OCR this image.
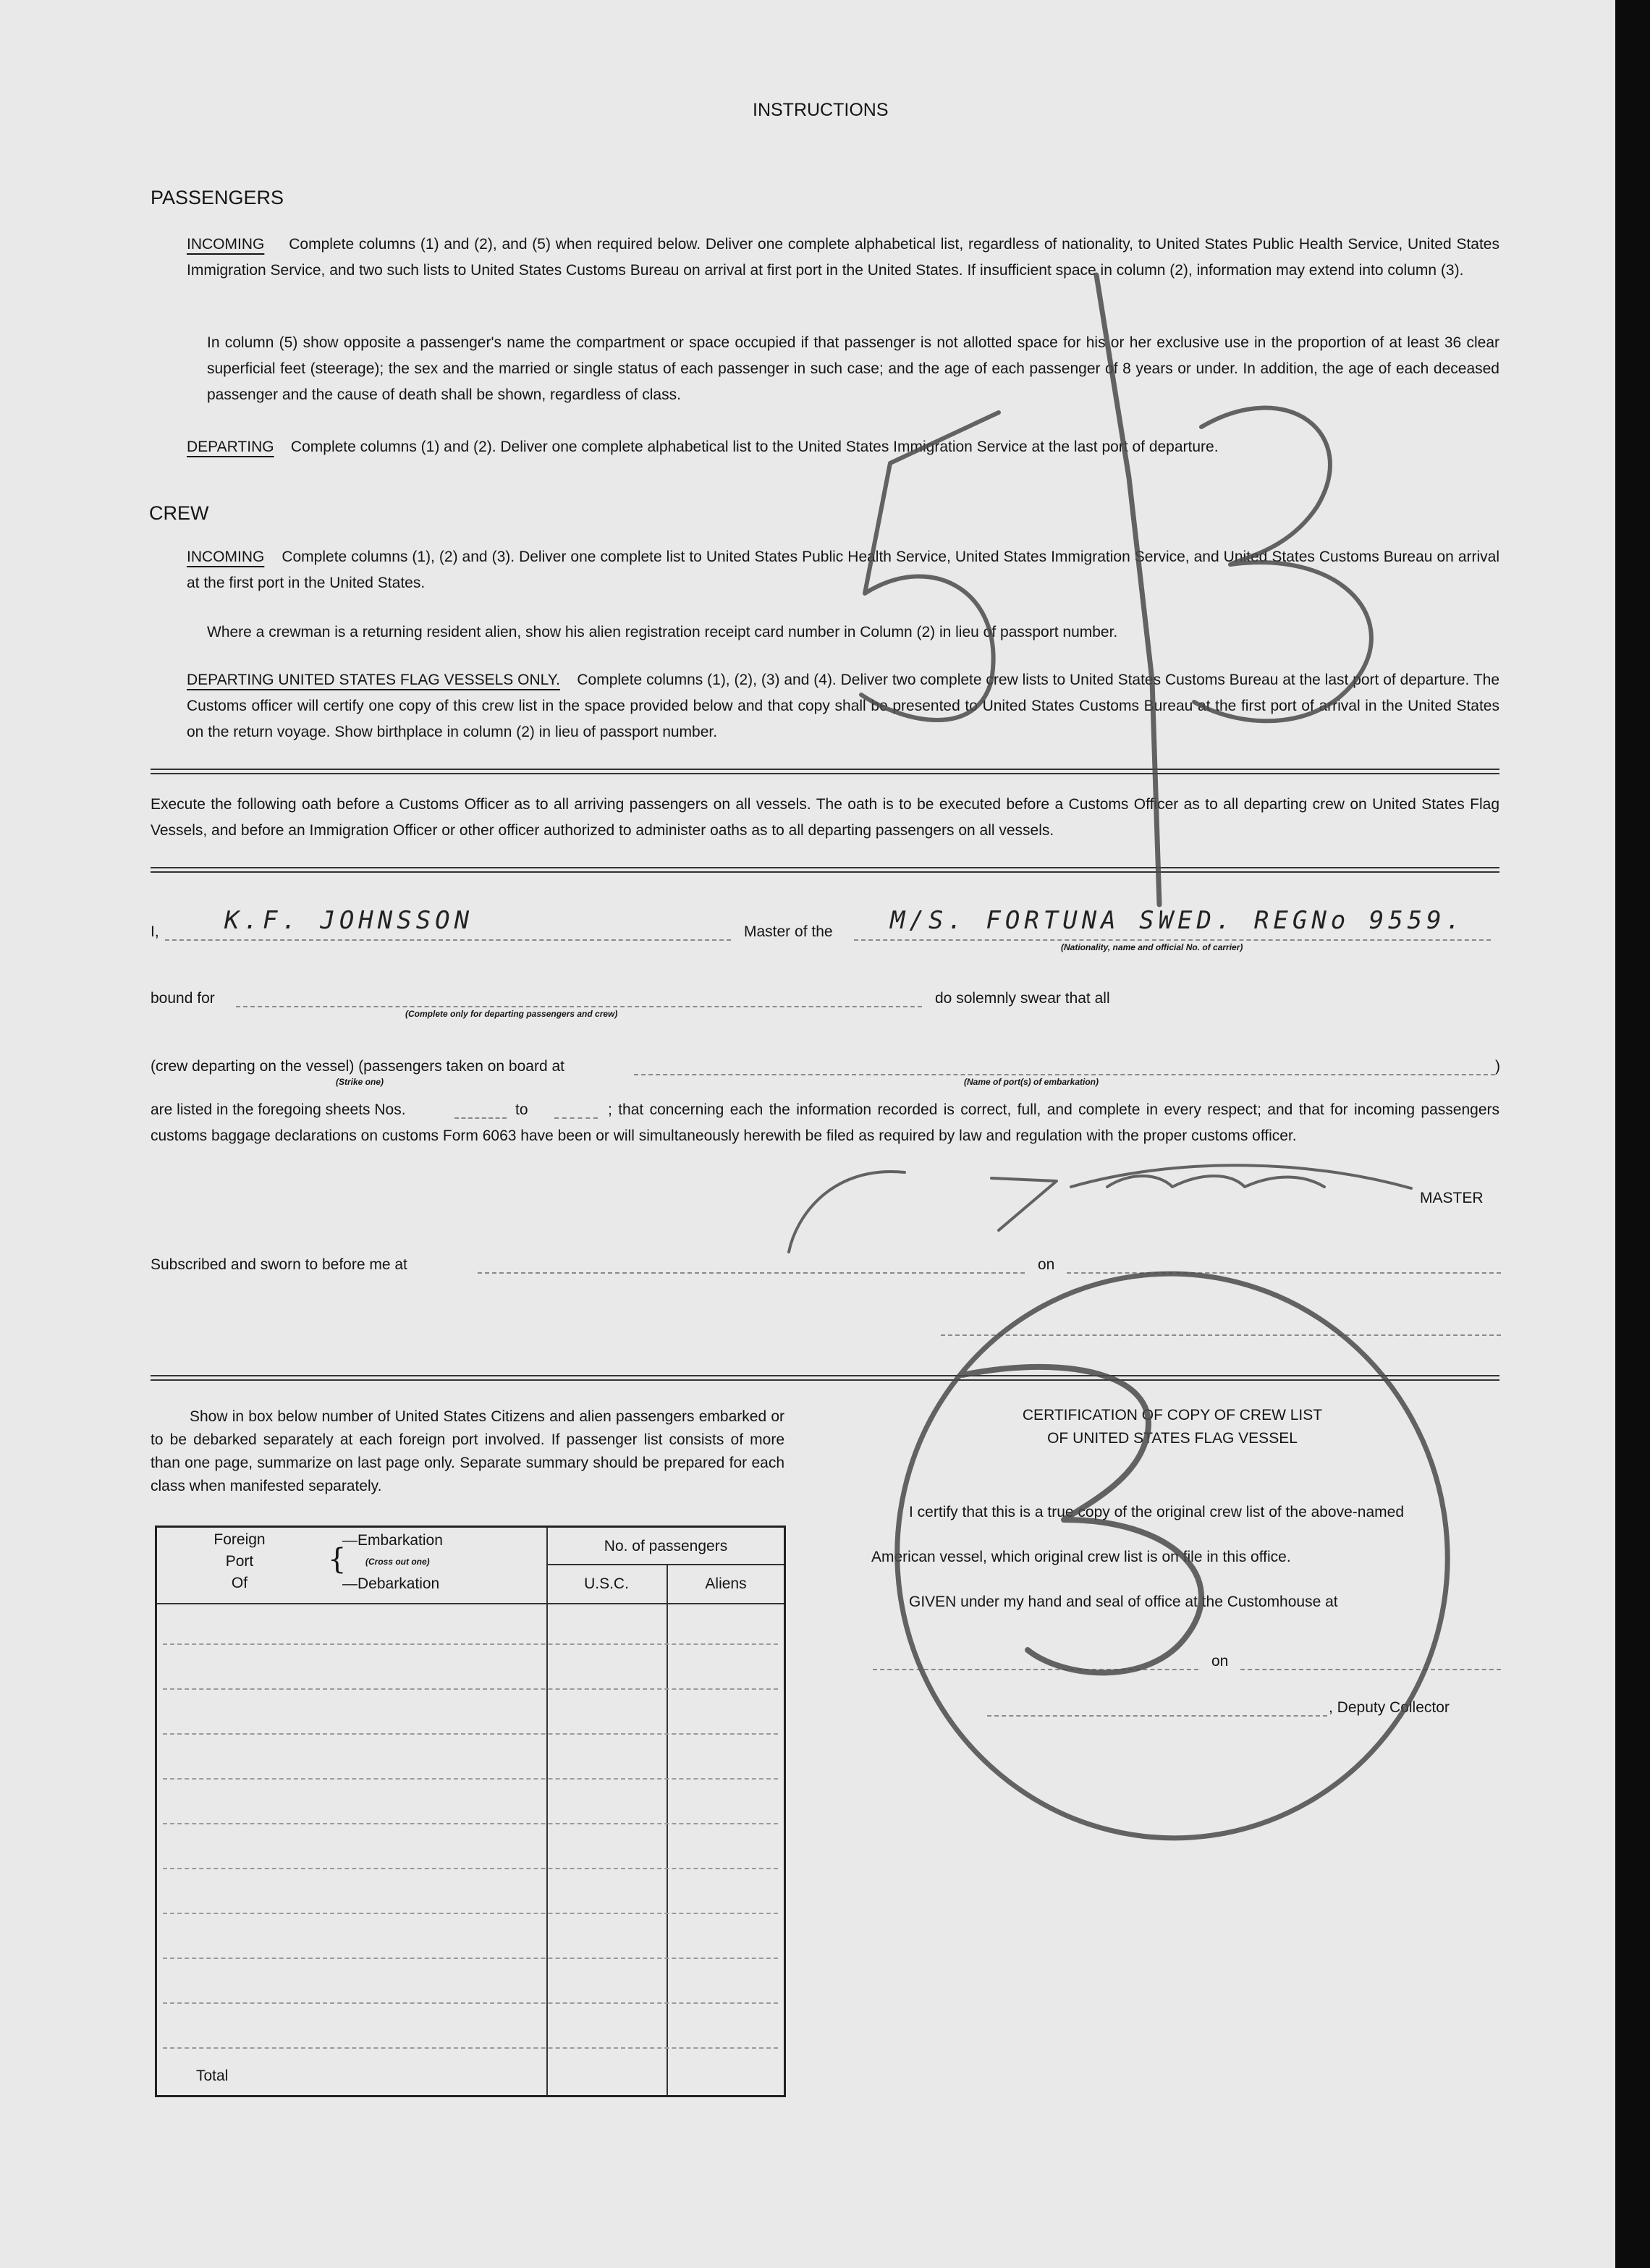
INSTRUCTIONS
PASSENGERS
INCOMING Complete columns (1) and (2), and (5) when required below. Deliver one complete alphabetical list, regardless of nationality, to United States Public Health Service, United States Immigration Service, and two such lists to United States Customs Bureau on arrival at first port in the United States. If insufficient space in column (2), information may extend into column (3).
In column (5) show opposite a passenger's name the compartment or space occupied if that passenger is not allotted space for his or her exclusive use in the proportion of at least 36 clear superficial feet (steerage); the sex and the married or single status of each passenger in such case; and the age of each passenger of 8 years or under. In addition, the age of each deceased passenger and the cause of death shall be shown, regardless of class.
DEPARTING Complete columns (1) and (2). Deliver one complete alphabetical list to the United States Immigration Service at the last port of departure.
CREW
INCOMING Complete columns (1), (2) and (3). Deliver one complete list to United States Public Health Service, United States Immigration Service, and United States Customs Bureau on arrival at the first port in the United States.
Where a crewman is a returning resident alien, show his alien registration receipt card number in Column (2) in lieu of passport number.
DEPARTING UNITED STATES FLAG VESSELS ONLY. Complete columns (1), (2), (3) and (4). Deliver two complete crew lists to United States Customs Bureau at the last port of departure. The Customs officer will certify one copy of this crew list in the space provided below and that copy shall be presented to United States Customs Bureau at the first port of arrival in the United States on the return voyage. Show birthplace in column (2) in lieu of passport number.
Execute the following oath before a Customs Officer as to all arriving passengers on all vessels. The oath is to be executed before a Customs Officer as to all departing crew on United States Flag Vessels, and before an Immigration Officer or other officer authorized to administer oaths as to all departing passengers on all vessels.
I,	K.F. JOHNSSON	Master of the M/S. FORTUNA SWED. REGNo 9559.
(Nationality, name and official No. of carrier)
bound for
(Complete only for departing passengers and crew)
do solemnly swear that all
(crew departing on the vessel) (passengers taken on board at	)
(Strike one)	(Name of port(s) of embarkation)
are listed in the foregoing sheets Nos.	to	; that concerning each the information recorded is correct, full, and complete in every respect; and that for incoming passengers customs baggage declarations on customs Form 6063 have been or will simultaneously herewith be filed as required by law and regulation with the proper customs officer.
MASTER
Subscribed and sworn to before me at	on
Show in box below number of United States Citizens and alien passengers embarked or to be debarked separately at each foreign port involved. If passenger list consists of more than one page, summarize on last page only. Separate summary should be prepared for each class when manifested separately.
Foreign
Port
Of
{
—Embarkation
(Cross out one)
—Debarkation
No. of passengers
U.S.C.	Aliens
Total
CERTIFICATION OF COPY OF CREW LIST
OF UNITED STATES FLAG VESSEL
I certify that this is a true copy of the original crew list of the above-named
American vessel, which original crew list is on file in this office.
GIVEN under my hand and seal of office at the Customhouse at
on
, Deputy Collector
